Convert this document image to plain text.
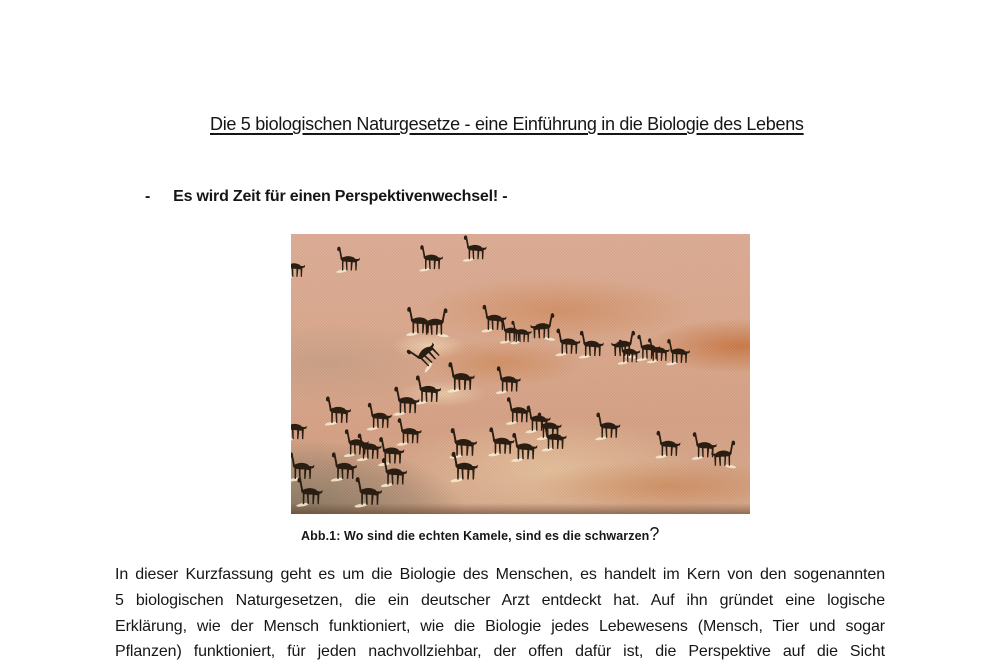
Die 5 biologischen Naturgesetze - eine Einführung in die Biologie des Lebens
- Es wird Zeit für einen Perspektivenwechsel! -
Abb.1: Wo sind die echten Kamele, sind es die schwarzen?
In dieser Kurzfassung geht es um die Biologie des Menschen, es handelt im Kern von den sogenannten
5 biologischen Naturgesetzen, die ein deutscher Arzt entdeckt hat. Auf ihn gründet eine logische
Erklärung, wie der Mensch funktioniert, wie die Biologie jedes Lebewesens (Mensch, Tier und sogar
Pflanzen) funktioniert, für jeden nachvollziehbar, der offen dafür ist, die Perspektive auf die Sicht
